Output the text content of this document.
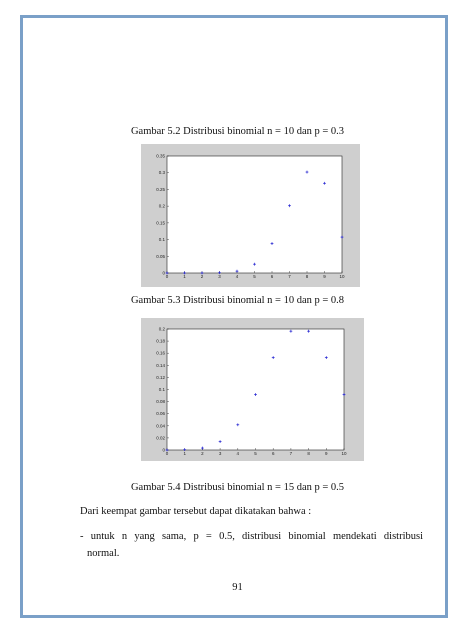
Gambar 5.2 Distribusi binomial n = 10 dan p = 0.3
0	1	2	3	4	5	6	7	8	9	10
0
0.05
0.1
0.15
0.2
0.25
0.3
0.35
Gambar 5.3 Distribusi binomial n = 10 dan p = 0.8
0	1	2	3	4	5	6	7	8	9	10
0
0.02
0.04
0.06
0.08
0.1
0.12
0.14
0.16
0.18
0.2
Gambar 5.4 Distribusi binomial n = 15 dan p = 0.5
Dari keempat gambar tersebut dapat dikatakan bahwa :
- untuk n yang sama, p = 0.5, distribusi binomial mendekati distribusi
normal.
91
